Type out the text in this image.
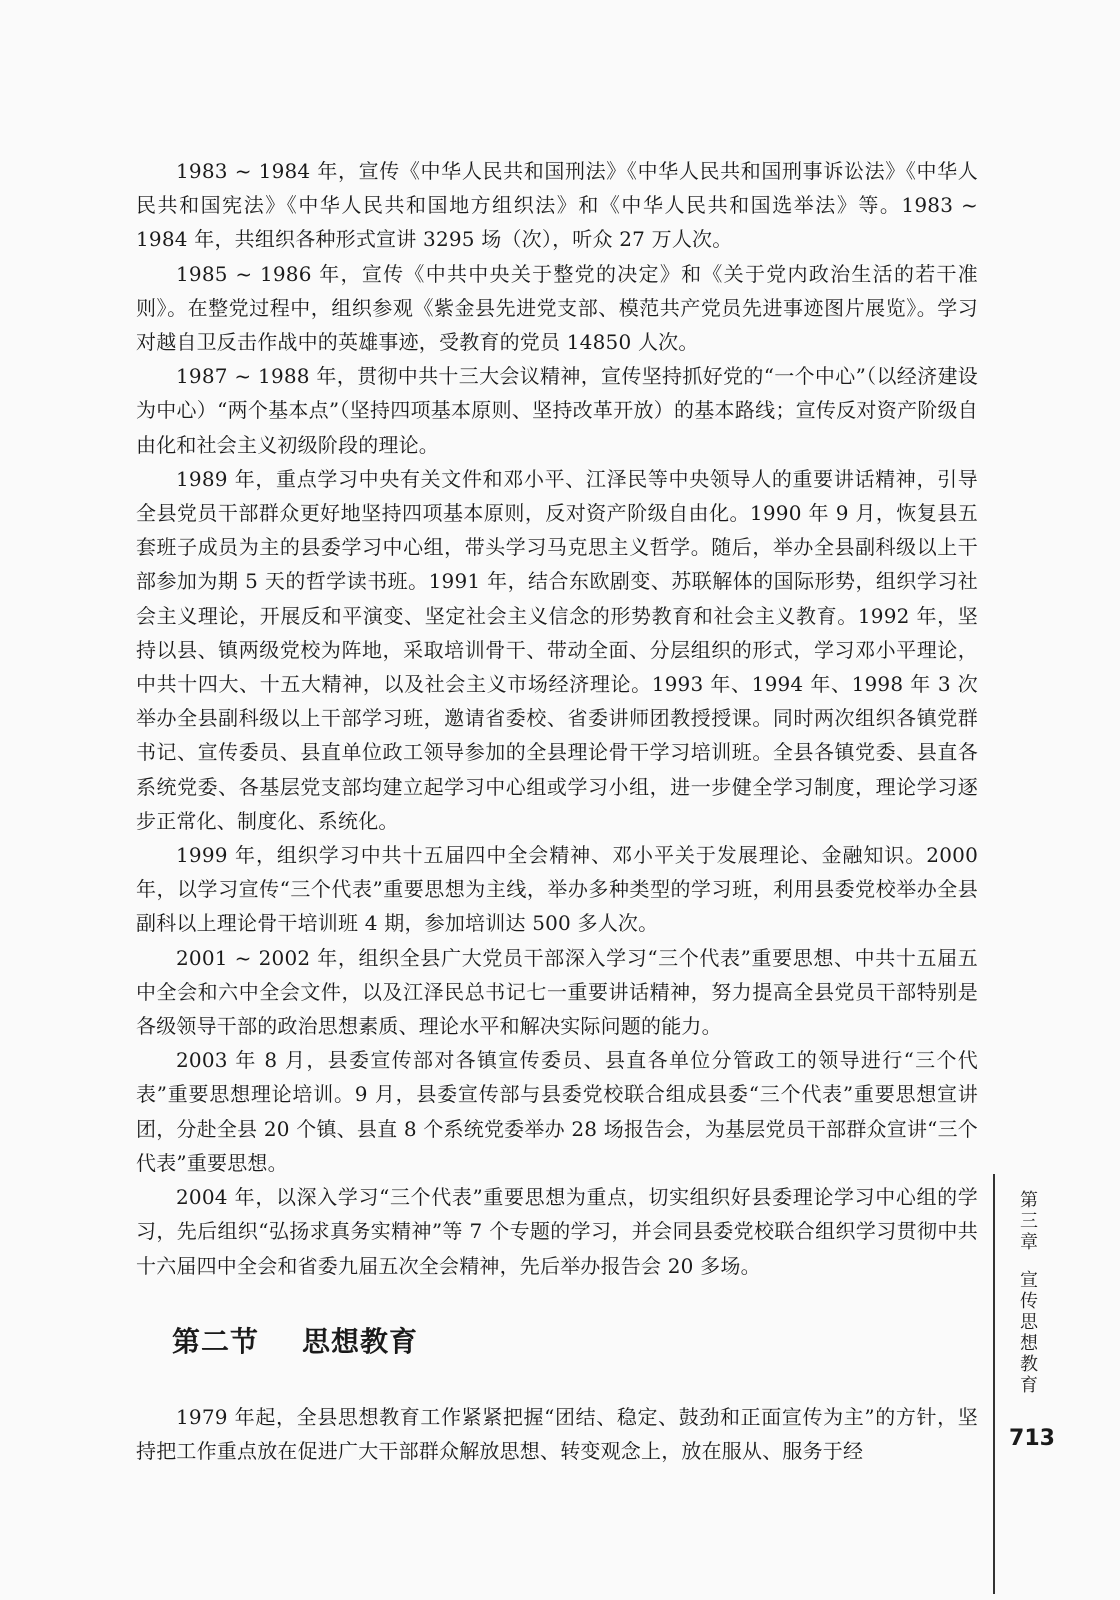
1983 ~ 1984 年，宣传《中华人民共和国刑法》《中华人民共和国刑事诉讼法》《中华人民共和国宪法》《中华人民共和国地方组织法》和《中华人民共和国选举法》等。1983 ~ 1984 年，共组织各种形式宣讲 3295 场（次），听众 27 万人次。

1985 ~ 1986 年，宣传《中共中央关于整党的决定》和《关于党内政治生活的若干准则》。在整党过程中，组织参观《紫金县先进党支部、模范共产党员先进事迹图片展览》。学习对越自卫反击作战中的英雄事迹，受教育的党员 14850 人次。

1987 ~ 1988 年，贯彻中共十三大会议精神，宣传坚持抓好党的“一个中心”（以经济建设为中心）“两个基本点”（坚持四项基本原则、坚持改革开放）的基本路线；宣传反对资产阶级自由化和社会主义初级阶段的理论。

1989 年，重点学习中央有关文件和邓小平、江泽民等中央领导人的重要讲话精神，引导全县党员干部群众更好地坚持四项基本原则，反对资产阶级自由化。1990 年 9 月，恢复县五套班子成员为主的县委学习中心组，带头学习马克思主义哲学。随后，举办全县副科级以上干部参加为期 5 天的哲学读书班。1991 年，结合东欧剧变、苏联解体的国际形势，组织学习社会主义理论，开展反和平演变、坚定社会主义信念的形势教育和社会主义教育。1992 年，坚持以县、镇两级党校为阵地，采取培训骨干、带动全面、分层组织的形式，学习邓小平理论，中共十四大、十五大精神，以及社会主义市场经济理论。1993 年、1994 年、1998 年 3 次举办全县副科级以上干部学习班，邀请省委校、省委讲师团教授授课。同时两次组织各镇党群书记、宣传委员、县直单位政工领导参加的全县理论骨干学习培训班。全县各镇党委、县直各系统党委、各基层党支部均建立起学习中心组或学习小组，进一步健全学习制度，理论学习逐步正常化、制度化、系统化。

1999 年，组织学习中共十五届四中全会精神、邓小平关于发展理论、金融知识。2000 年，以学习宣传“三个代表”重要思想为主线，举办多种类型的学习班，利用县委党校举办全县副科以上理论骨干培训班 4 期，参加培训达 500 多人次。

2001 ~ 2002 年，组织全县广大党员干部深入学习“三个代表”重要思想、中共十五届五中全会和六中全会文件，以及江泽民总书记七一重要讲话精神，努力提高全县党员干部特别是各级领导干部的政治思想素质、理论水平和解决实际问题的能力。

2003 年 8 月，县委宣传部对各镇宣传委员、县直各单位分管政工的领导进行“三个代表”重要思想理论培训。9 月，县委宣传部与县委党校联合组成县委“三个代表”重要思想宣讲团，分赴全县 20 个镇、县直 8 个系统党委举办 28 场报告会，为基层党员干部群众宣讲“三个代表”重要思想。

2004 年，以深入学习“三个代表”重要思想为重点，切实组织好县委理论学习中心组的学习，先后组织“弘扬求真务实精神”等 7 个专题的学习，并会同县委党校联合组织学习贯彻中共十六届四中全会和省委九届五次全会精神，先后举办报告会 20 多场。

第二节    思想教育

1979 年起，全县思想教育工作紧紧把握“团结、稳定、鼓劲和正面宣传为主”的方针，坚持把工作重点放在促进广大干部群众解放思想、转变观念上，放在服从、服务于经

第三章
宣传思想教育
713
